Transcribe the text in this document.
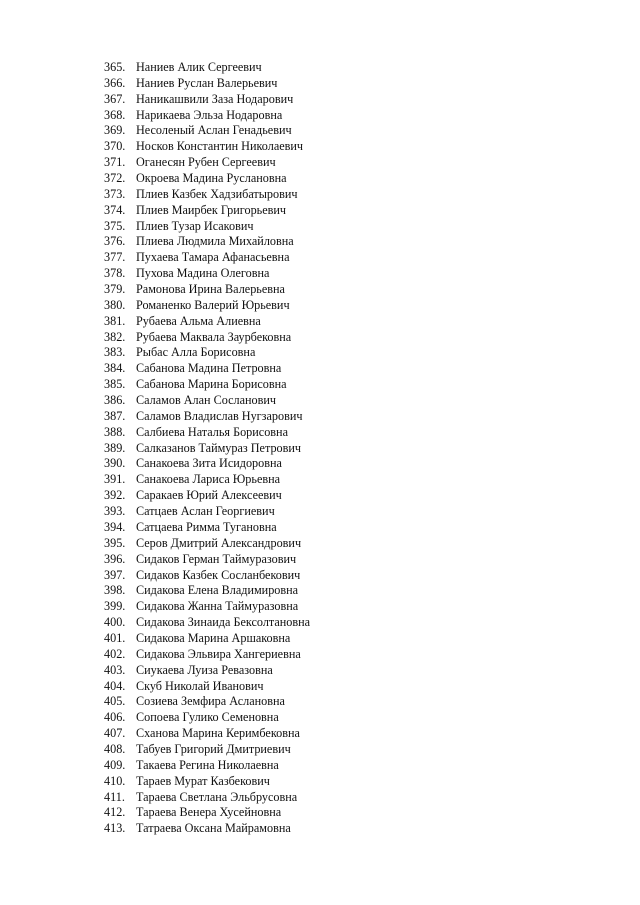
365. Наниев Алик Сергеевич
366. Наниев Руслан Валерьевич
367. Наникашвили Заза Нодарович
368. Нарикаева Эльза Нодаровна
369. Несоленый Аслан Генадьевич
370. Носков Константин Николаевич
371. Оганесян Рубен Сергеевич
372. Окроева Мадина Руслановна
373. Плиев Казбек Хадзибатырович
374. Плиев Маирбек Григорьевич
375. Плиев Тузар Исакович
376. Плиева Людмила Михайловна
377. Пухаева Тамара Афанасьевна
378. Пухова Мадина Олеговна
379. Рамонова Ирина Валерьевна
380. Романенко Валерий Юрьевич
381. Рубаева Альма Алиевна
382. Рубаева Маквала Заурбековна
383. Рыбас Алла Борисовна
384. Сабанова Мадина Петровна
385. Сабанова Марина Борисовна
386. Саламов Алан Сосланович
387. Саламов Владислав Нугзарович
388. Салбиева Наталья Борисовна
389. Салказанов Таймураз Петрович
390. Санакоева Зита Исидоровна
391. Санакоева Лариса Юрьевна
392. Саракаев Юрий Алексеевич
393. Сатцаев Аслан Георгиевич
394. Сатцаева Римма Тугановна
395. Серов Дмитрий Александрович
396. Сидаков Герман Таймуразович
397. Сидаков Казбек Сосланбекович
398. Сидакова Елена Владимировна
399. Сидакова Жанна Таймуразовна
400. Сидакова Зинаида Бексолтановна
401. Сидакова Марина Аршаковна
402. Сидакова Эльвира Хангериевна
403. Сиукаева Луиза Ревазовна
404. Скуб Николай Иванович
405. Созиева Земфира Аслановна
406. Сопоева Гулико Семеновна
407. Сханова Марина Керимбековна
408. Табуев Григорий Дмитриевич
409. Такаева Регина Николаевна
410. Тараев Мурат Казбекович
411. Тараева Светлана Эльбрусовна
412. Тараева Венера Хусейновна
413. Татраева Оксана Майрамовна
